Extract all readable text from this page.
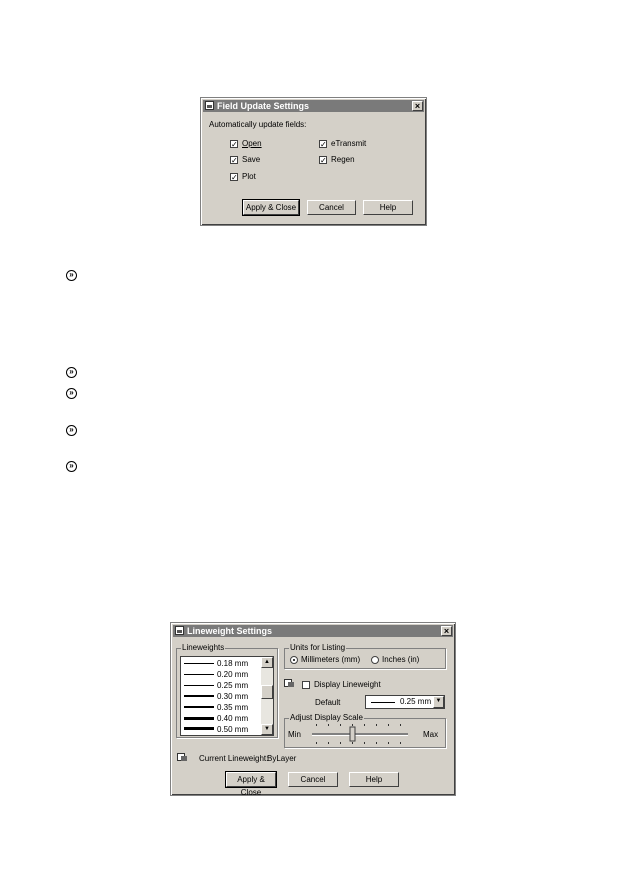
Field Update Settings	×
Automatically update fields:
✓ Open
✓ Save
✓ Plot
✓ eTransmit
✓ Regen
Apply & Close	Cancel	Help
»
»
»
»
»
Lineweight Settings	×
Lineweights
0.18 mm
0.20 mm
0.25 mm
0.30 mm
0.35 mm
0.40 mm
0.50 mm
▲
▼
Units for Listing
Millimeters (mm)	Inches (in)
Display Lineweight
Default	0.25 mm ▼
Adjust Display Scale
Min	Max
Current Lineweight:
ByLayer
Apply & Close
Cancel	Help
